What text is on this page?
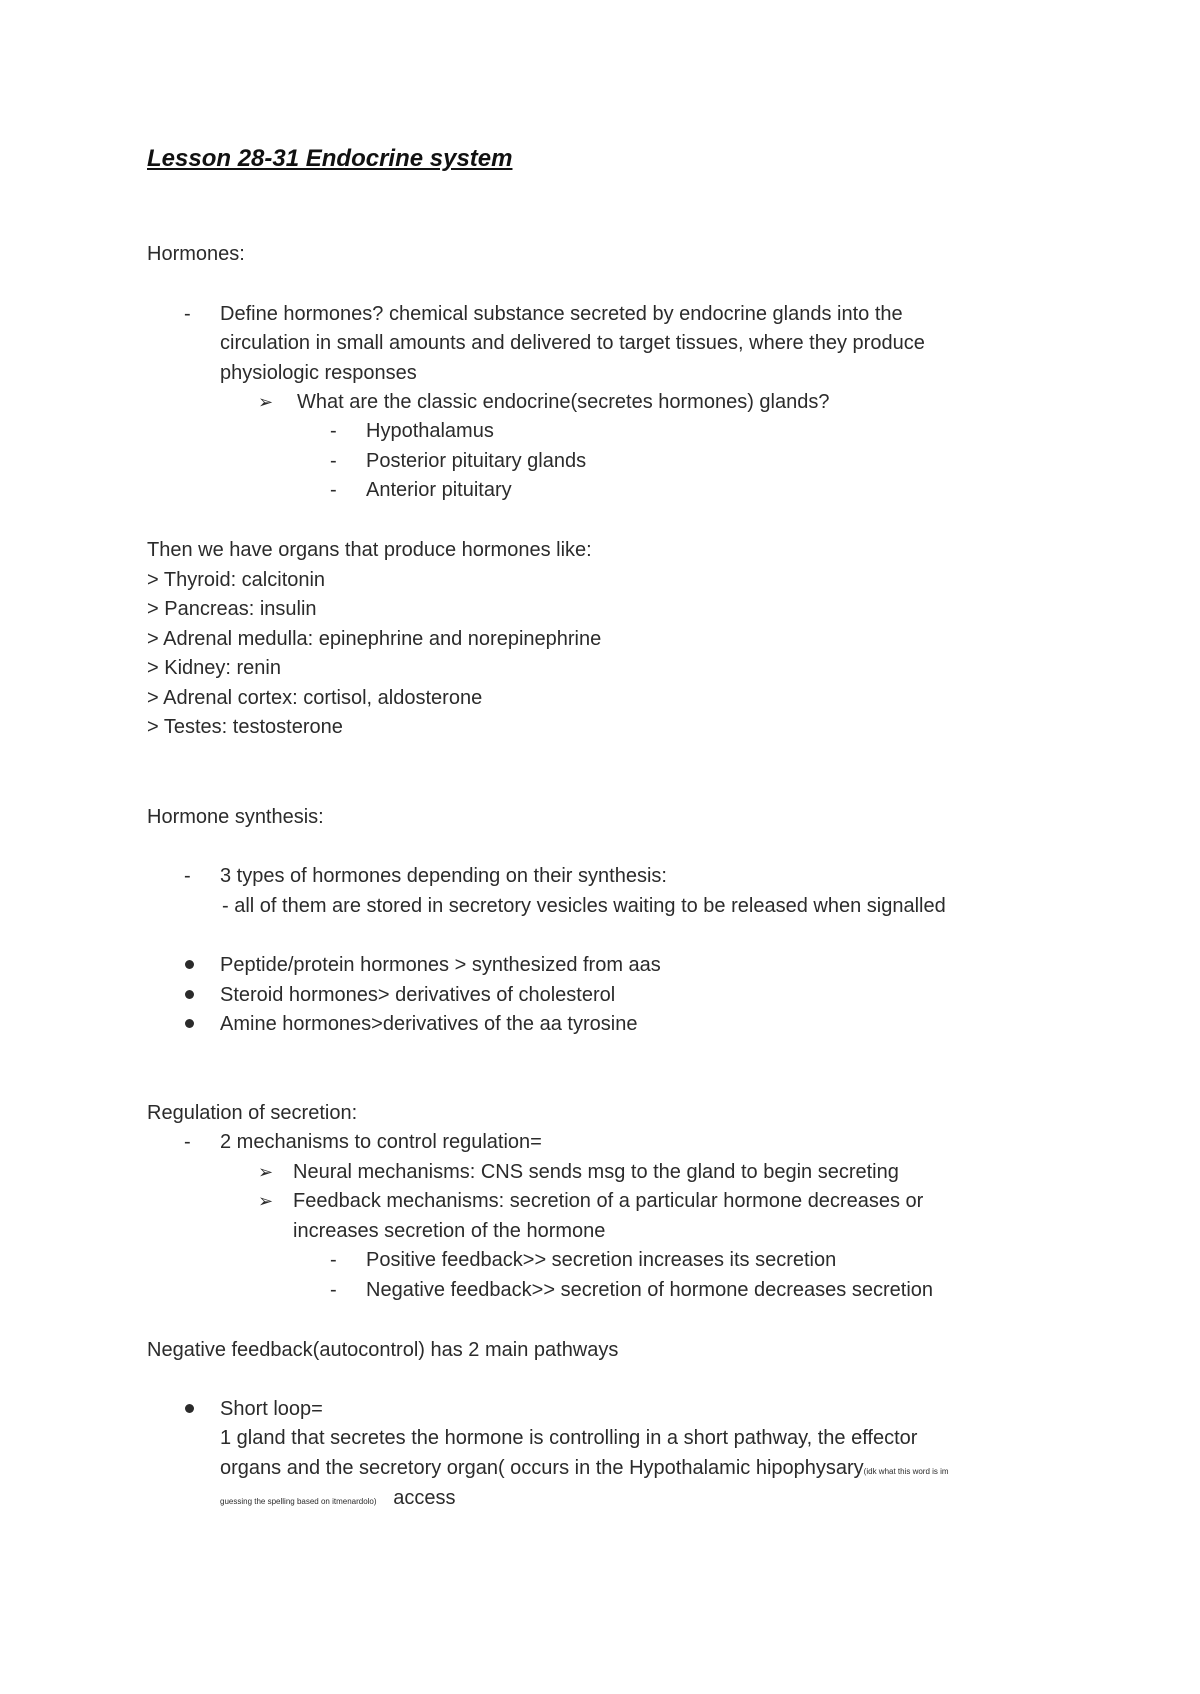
Lesson 28-31 Endocrine system
Hormones:
- Define hormones? chemical substance secreted by endocrine glands into the
circulation in small amounts and delivered to target tissues, where they produce
physiologic responses
➢ What are the classic endocrine(secretes hormones) glands?
- Hypothalamus
- Posterior pituitary glands
- Anterior pituitary
Then we have organs that produce hormones like:
> Thyroid: calcitonin
> Pancreas: insulin
> Adrenal medulla: epinephrine and norepinephrine
> Kidney: renin
> Adrenal cortex: cortisol, aldosterone
> Testes: testosterone
Hormone synthesis:
- 3 types of hormones depending on their synthesis:
- all of them are stored in secretory vesicles waiting to be released when signalled
Peptide/protein hormones > synthesized from aas
Steroid hormones> derivatives of cholesterol
Amine hormones>derivatives of the aa tyrosine
Regulation of secretion:
- 2 mechanisms to control regulation=
➢ Neural mechanisms: CNS sends msg to the gland to begin secreting
➢ Feedback mechanisms: secretion of a particular hormone decreases or
increases secretion of the hormone
- Positive feedback>> secretion increases its secretion
- Negative feedback>> secretion of hormone decreases secretion
Negative feedback(autocontrol) has 2 main pathways
Short loop=
1 gland that secretes the hormone is controlling in a short pathway, the effector
organs and the secretory organ( occurs in the Hypothalamic hipophysary(idk what this word is im
guessing the spelling based on itmenardolo) access
